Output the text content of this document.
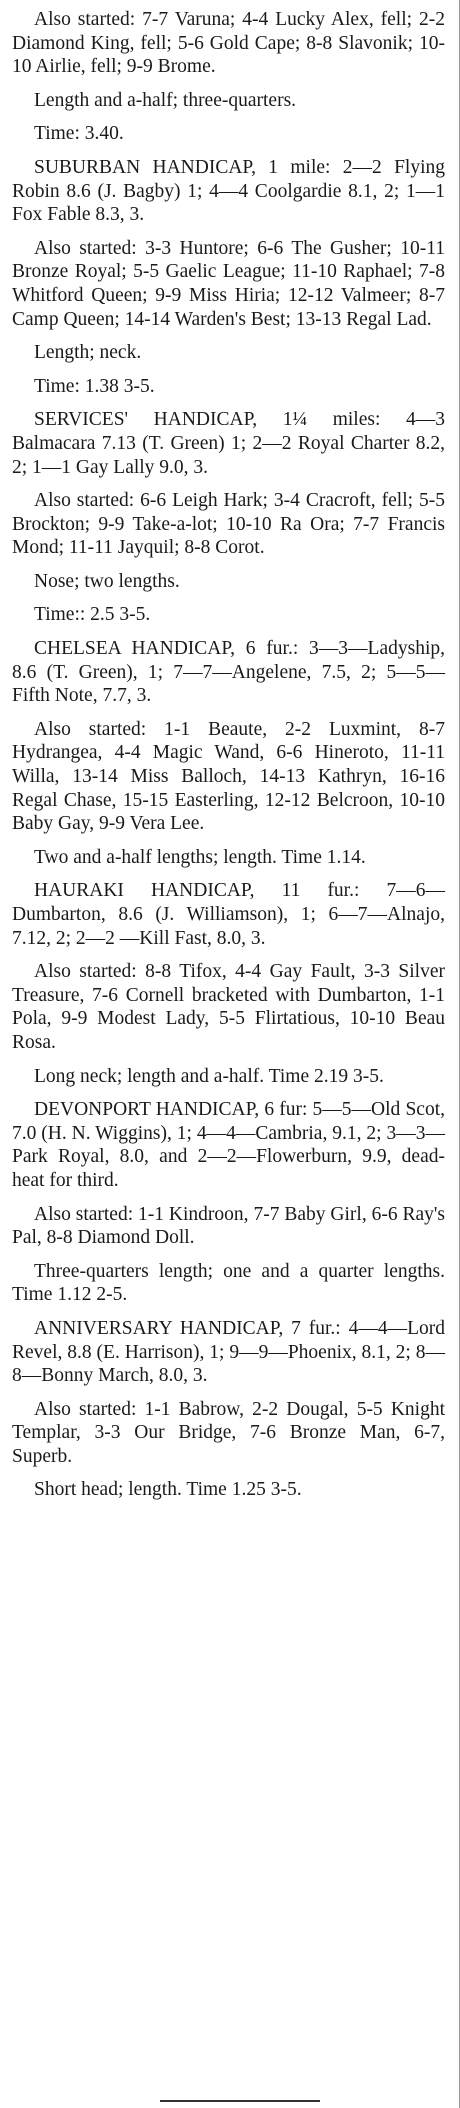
Also started: 7-7 Varuna; 4-4 Lucky Alex, fell; 2-2 Diamond King, fell; 5-6 Gold Cape; 8-8 Slavonik; 10-10 Airlie, fell; 9-9 Brome.

Length and a-half; three-quarters.

Time: 3.40.

SUBURBAN HANDICAP, 1 mile: 2—2 Flying Robin 8.6 (J. Bagby) 1; 4—4 Coolgardie 8.1, 2; 1—1 Fox Fable 8.3, 3.

Also started: 3-3 Huntore; 6-6 The Gusher; 10-11 Bronze Royal; 5-5 Gaelic League; 11-10 Raphael; 7-8 Whitford Queen; 9-9 Miss Hiria; 12-12 Valmeer; 8-7 Camp Queen; 14-14 Warden's Best; 13-13 Regal Lad.

Length; neck.

Time: 1.38 3-5.

SERVICES' HANDICAP, 1¼ miles: 4—3 Balmacara 7.13 (T. Green) 1; 2—2 Royal Charter 8.2, 2; 1—1 Gay Lally 9.0, 3.

Also started: 6-6 Leigh Hark; 3-4 Cracroft, fell; 5-5 Brockton; 9-9 Take-a-lot; 10-10 Ra Ora; 7-7 Francis Mond; 11-11 Jayquil; 8-8 Corot.

Nose; two lengths.

Time:: 2.5 3-5.

CHELSEA HANDICAP, 6 fur.: 3—3—Ladyship, 8.6 (T. Green), 1; 7—7—Angelene, 7.5, 2; 5—5—Fifth Note, 7.7, 3.

Also started: 1-1 Beaute, 2-2 Luxmint, 8-7 Hydrangea, 4-4 Magic Wand, 6-6 Hineroto, 11-11 Willa, 13-14 Miss Balloch, 14-13 Kathryn, 16-16 Regal Chase, 15-15 Easterling, 12-12 Belcroon, 10-10 Baby Gay, 9-9 Vera Lee.

Two and a-half lengths; length. Time 1.14.

HAURAKI HANDICAP, 11 fur.: 7—6—Dumbarton, 8.6 (J. Williamson), 1; 6—7—Alnajo, 7.12, 2; 2—2 —Kill Fast, 8.0, 3.

Also started: 8-8 Tifox, 4-4 Gay Fault, 3-3 Silver Treasure, 7-6 Cornell bracketed with Dumbarton, 1-1 Pola, 9-9 Modest Lady, 5-5 Flirtatious, 10-10 Beau Rosa.

Long neck; length and a-half. Time 2.19 3-5.

DEVONPORT HANDICAP, 6 fur: 5—5—Old Scot, 7.0 (H. N. Wiggins), 1; 4—4—Cambria, 9.1, 2; 3—3—Park Royal, 8.0, and 2—2—Flowerburn, 9.9, dead-heat for third.

Also started: 1-1 Kindroon, 7-7 Baby Girl, 6-6 Ray's Pal, 8-8 Diamond Doll.

Three-quarters length; one and a quarter lengths. Time 1.12 2-5.

ANNIVERSARY HANDICAP, 7 fur.: 4—4—Lord Revel, 8.8 (E. Harrison), 1; 9—9—Phoenix, 8.1, 2; 8—8—Bonny March, 8.0, 3.

Also started: 1-1 Babrow, 2-2 Dougal, 5-5 Knight Templar, 3-3 Our Bridge, 7-6 Bronze Man, 6-7, Superb.

Short head; length. Time 1.25 3-5.
